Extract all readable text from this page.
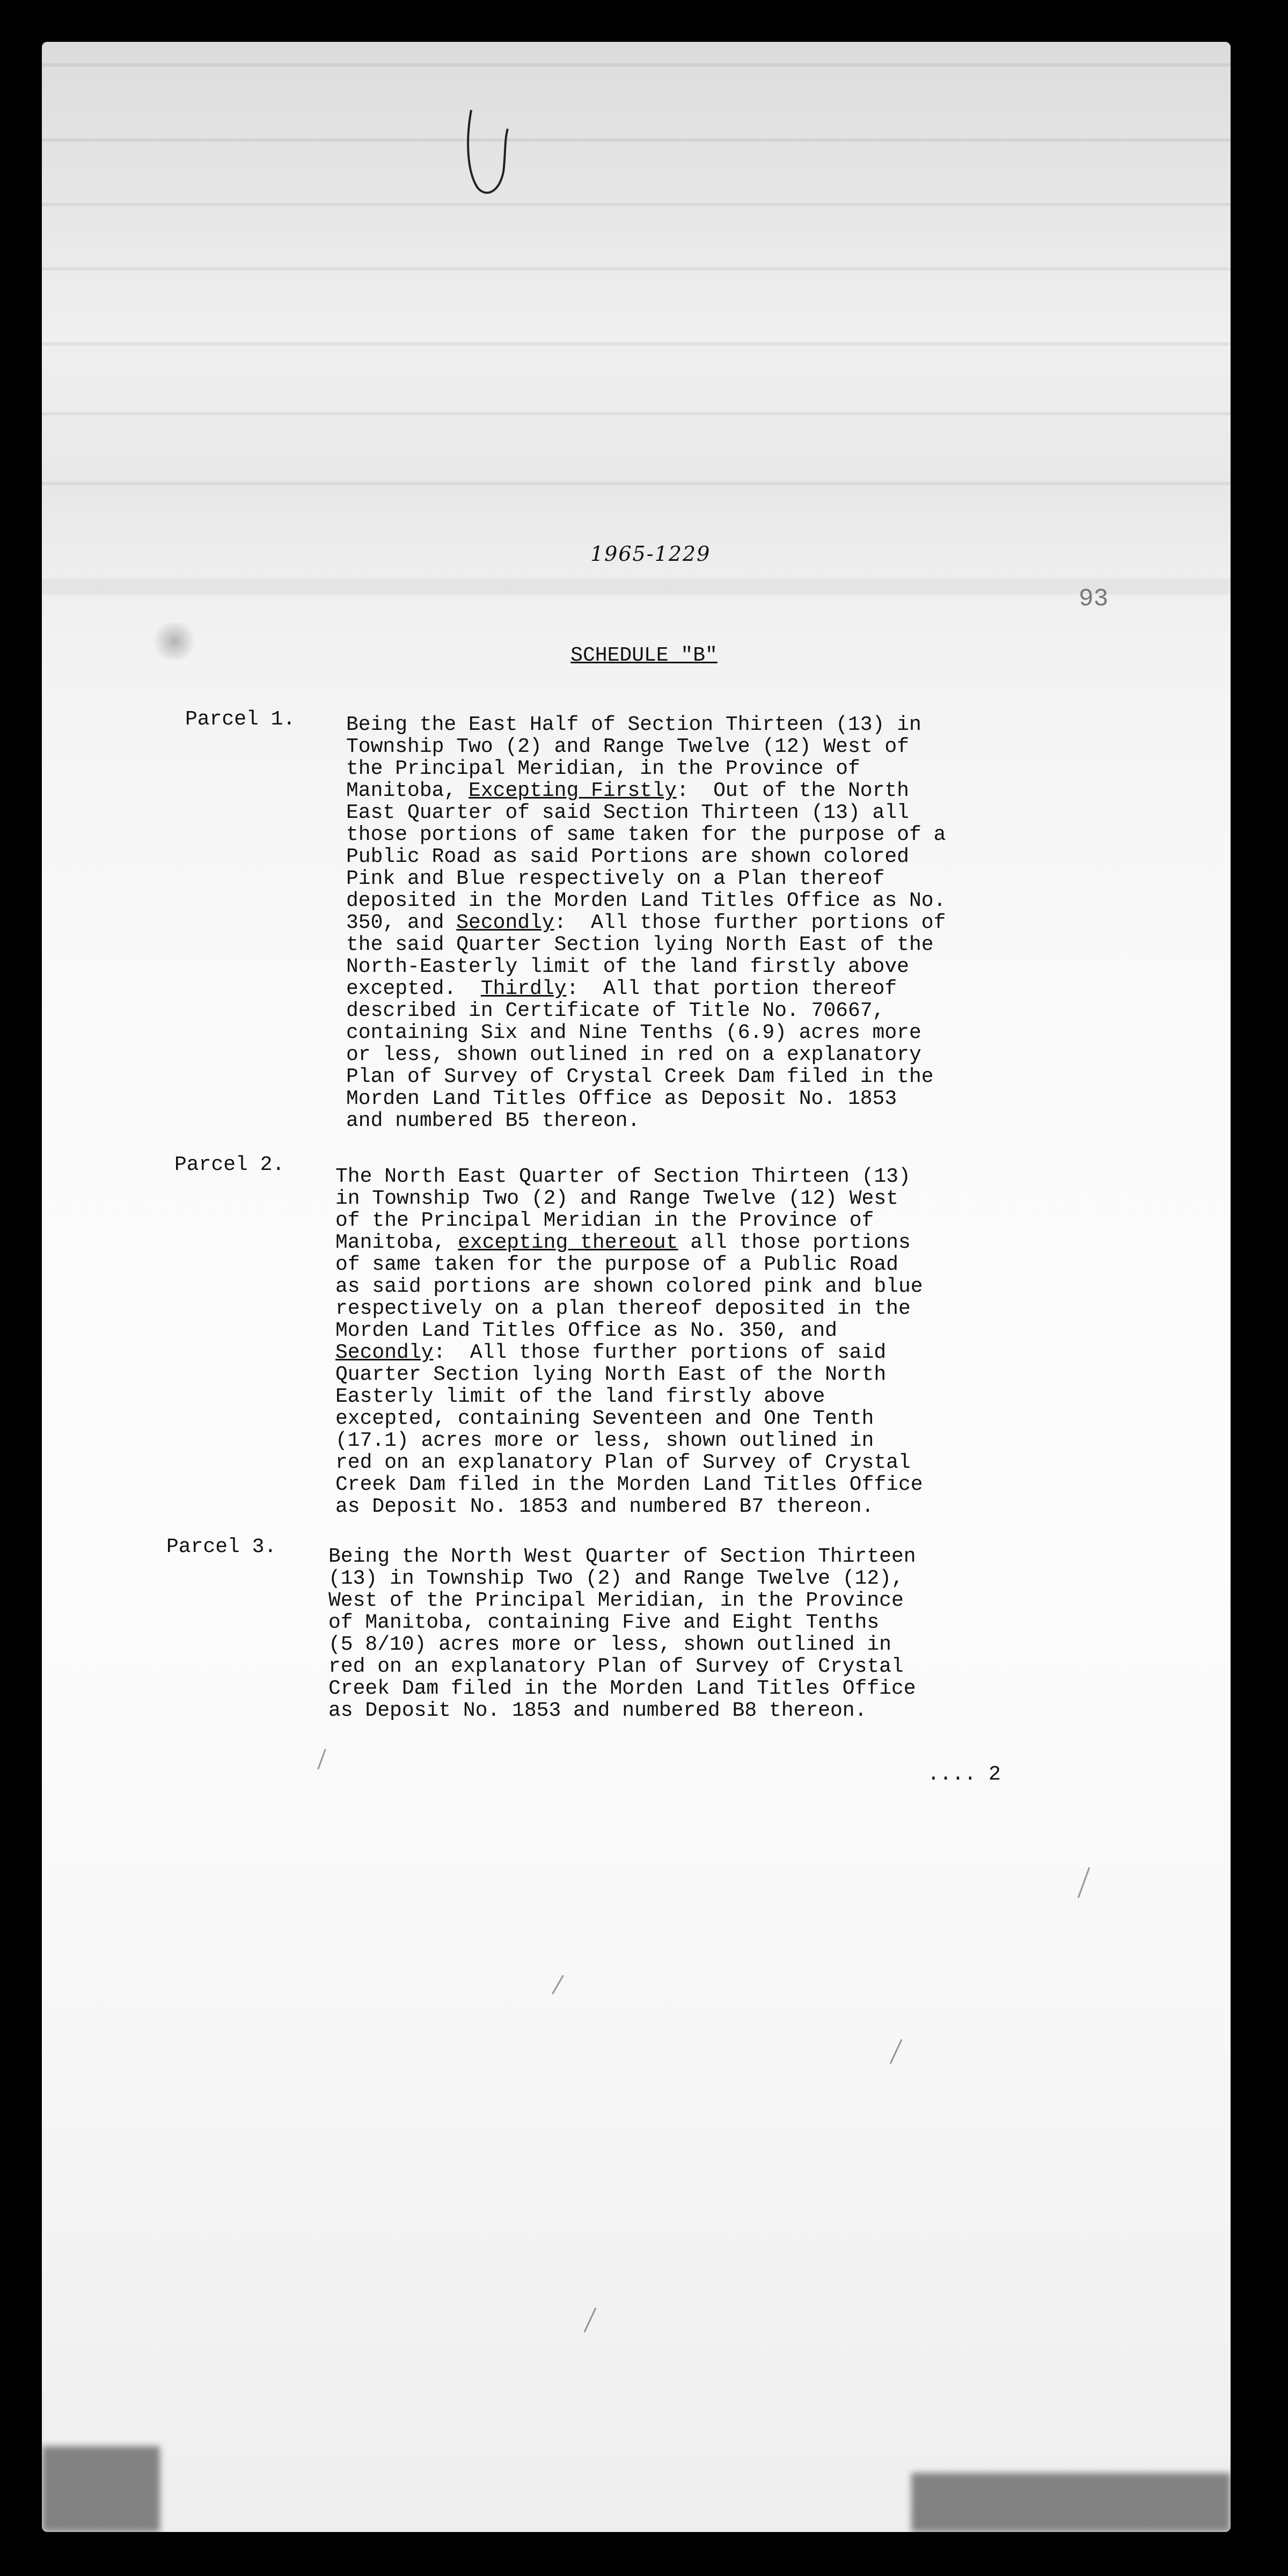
1965-1229
93
SCHEDULE "B"
Parcel 1. Being the East Half of Section Thirteen (13) in
Township Two (2) and Range Twelve (12) West of
the Principal Meridian, in the Province of
Manitoba, Excepting Firstly:  Out of the North
East Quarter of said Section Thirteen (13) all
those portions of same taken for the purpose of a
Public Road as said Portions are shown colored
Pink and Blue respectively on a Plan thereof
deposited in the Morden Land Titles Office as No.
350, and Secondly:  All those further portions of
the said Quarter Section lying North East of the
North-Easterly limit of the land firstly above
excepted.  Thirdly:  All that portion thereof
described in Certificate of Title No. 70667,
containing Six and Nine Tenths (6.9) acres more
or less, shown outlined in red on a explanatory
Plan of Survey of Crystal Creek Dam filed in the
Morden Land Titles Office as Deposit No. 1853
and numbered B5 thereon.
Parcel 2.
The North East Quarter of Section Thirteen (13)
in Township Two (2) and Range Twelve (12) West
of the Principal Meridian in the Province of
Manitoba, excepting thereout all those portions
of same taken for the purpose of a Public Road
as said portions are shown colored pink and blue
respectively on a plan thereof deposited in the
Morden Land Titles Office as No. 350, and
Secondly:  All those further portions of said
Quarter Section lying North East of the North
Easterly limit of the land firstly above
excepted, containing Seventeen and One Tenth
(17.1) acres more or less, shown outlined in
red on an explanatory Plan of Survey of Crystal
Creek Dam filed in the Morden Land Titles Office
as Deposit No. 1853 and numbered B7 thereon.
Parcel 3.	Being the North West Quarter of Section Thirteen
(13) in Township Two (2) and Range Twelve (12),
West of the Principal Meridian, in the Province
of Manitoba, containing Five and Eight Tenths
(5 8/10) acres more or less, shown outlined in
red on an explanatory Plan of Survey of Crystal
Creek Dam filed in the Morden Land Titles Office
as Deposit No. 1853 and numbered B8 thereon.
.... 2
